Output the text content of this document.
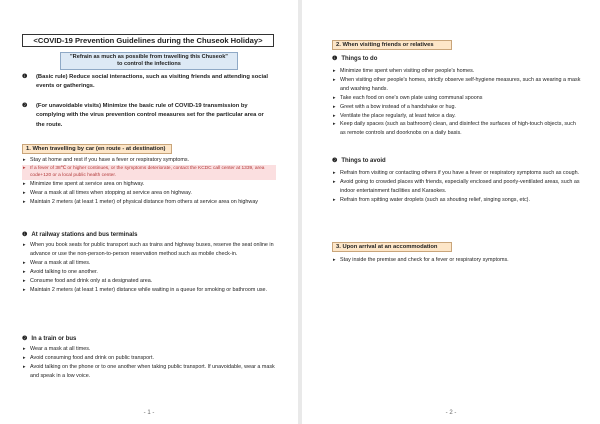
<COVID-19 Prevention Guidelines during the Chuseok Holiday>
"Refrain as much as possible from travelling this Chuseok"
to control the infections
❶ (Basic rule) Reduce social interactions, such as visiting friends and attending social events or gatherings.
❷ (For unavoidable visits) Minimize the basic rule of COVID-19 transmission by complying with the virus prevention control measures set for the particular area or the route.
1. When travelling by car (en route - at destination)
▸ Stay at home and rest if you have a fever or respiratory symptoms.
▸ If a fever of 38℃ or higher continues, or the symptoms deteriorate, contact the KCDC call center at 1339, area code+120 or a local public health center.
▸ Minimize time spent at service area on highway.
▸ Wear a mask at all times when stopping at service area on highway.
▸ Maintain 2 meters (at least 1 meter) of physical distance from others at service area on highway
❶ At railway stations and bus terminals
▸ When you book seats for public transport such as trains and highway buses, reserve the seat online in advance or use the non-person-to-person reservation method such as mobile check-in.
▸ Wear a mask at all times.
▸ Avoid talking to one another.
▸ Consume food and drink only at a designated area.
▸ Maintain 2 meters (at least 1 meter) distance while waiting in a queue for smoking or bathroom use.
❷ In a train or bus
▸ Wear a mask at all times.
▸ Avoid consuming food and drink on public transport.
▸ Avoid talking on the phone or to one another when taking public transport. If unavoidable, wear a mask and speak in a low voice.
- 1 -
2. When visiting friends or relatives
❶ Things to do
▸ Minimize time spent when visiting other people's homes.
▸ When visiting other people's homes, strictly observe self-hygiene measures, such as wearing a mask and washing hands.
▸ Take each food on one's own plate using communal spoons
▸ Greet with a bow instead of a handshake or hug.
▸ Ventilate the place regularly, at least twice a day.
▸ Keep daily spaces (such as bathroom) clean, and disinfect the surfaces of high-touch objects, such as remote controls and doorknobs on a daily basis.
❷ Things to avoid
▸ Refrain from visiting or contacting others if you have a fever or respiratory symptoms such as cough.
▸ Avoid going to crowded places with friends, especially enclosed and poorly-ventilated areas, such as indoor entertainment facilities and Karaokes.
▸ Refrain from spitting water droplets (such as shouting relief, singing songs, etc).
3. Upon arrival at an accommodation
▸ Stay inside the premise and check for a fever or respiratory symptoms.
- 2 -
